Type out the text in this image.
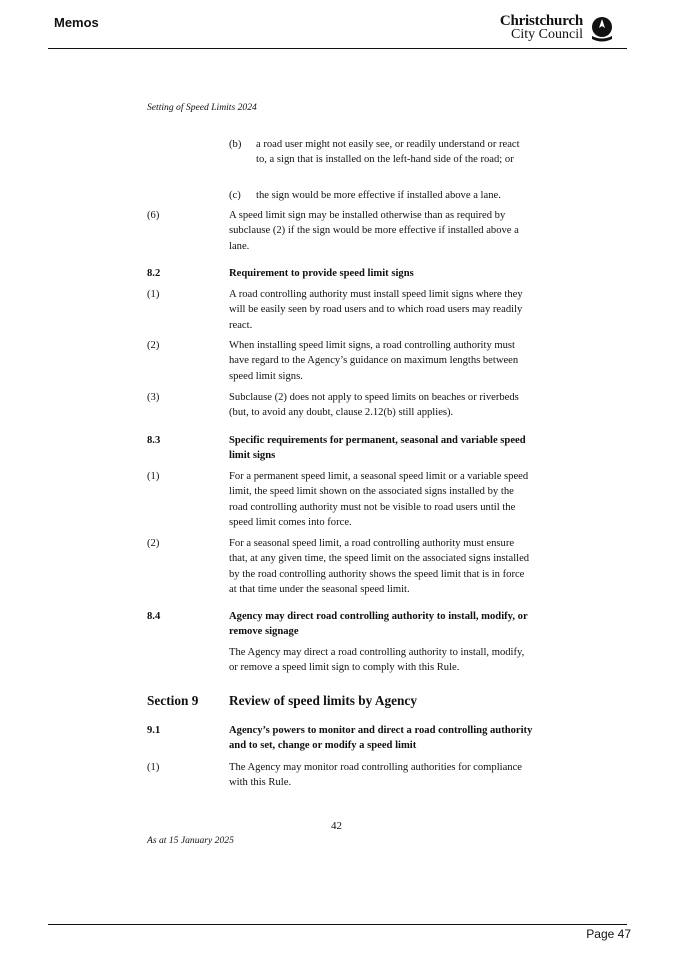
Memos	Christchurch
City Council
Setting of Speed Limits 2024
(b) a road user might not easily see, or readily understand or react to, a sign that is installed on the left-hand side of the road; or
(c) the sign would be more effective if installed above a lane.
(6)	A speed limit sign may be installed otherwise than as required by subclause (2) if the sign would be more effective if installed above a lane.
8.2	Requirement to provide speed limit signs
(1)	A road controlling authority must install speed limit signs where they will be easily seen by road users and to which road users may readily react.
(2)	When installing speed limit signs, a road controlling authority must have regard to the Agency’s guidance on maximum lengths between speed limit signs.
(3)	Subclause (2) does not apply to speed limits on beaches or riverbeds (but, to avoid any doubt, clause 2.12(b) still applies).
8.3	Specific requirements for permanent, seasonal and variable speed limit signs
(1)	For a permanent speed limit, a seasonal speed limit or a variable speed limit, the speed limit shown on the associated signs installed by the road controlling authority must not be visible to road users until the speed limit comes into force.
(2)	For a seasonal speed limit, a road controlling authority must ensure that, at any given time, the speed limit on the associated signs installed by the road controlling authority shows the speed limit that is in force at that time under the seasonal speed limit.
8.4	Agency may direct road controlling authority to install, modify, or remove signage
The Agency may direct a road controlling authority to install, modify, or remove a speed limit sign to comply with this Rule.
Section 9	Review of speed limits by Agency
9.1	Agency’s powers to monitor and direct a road controlling authority and to set, change or modify a speed limit
(1)	The Agency may monitor road controlling authorities for compliance with this Rule.
42
As at 15 January 2025
Page 47
